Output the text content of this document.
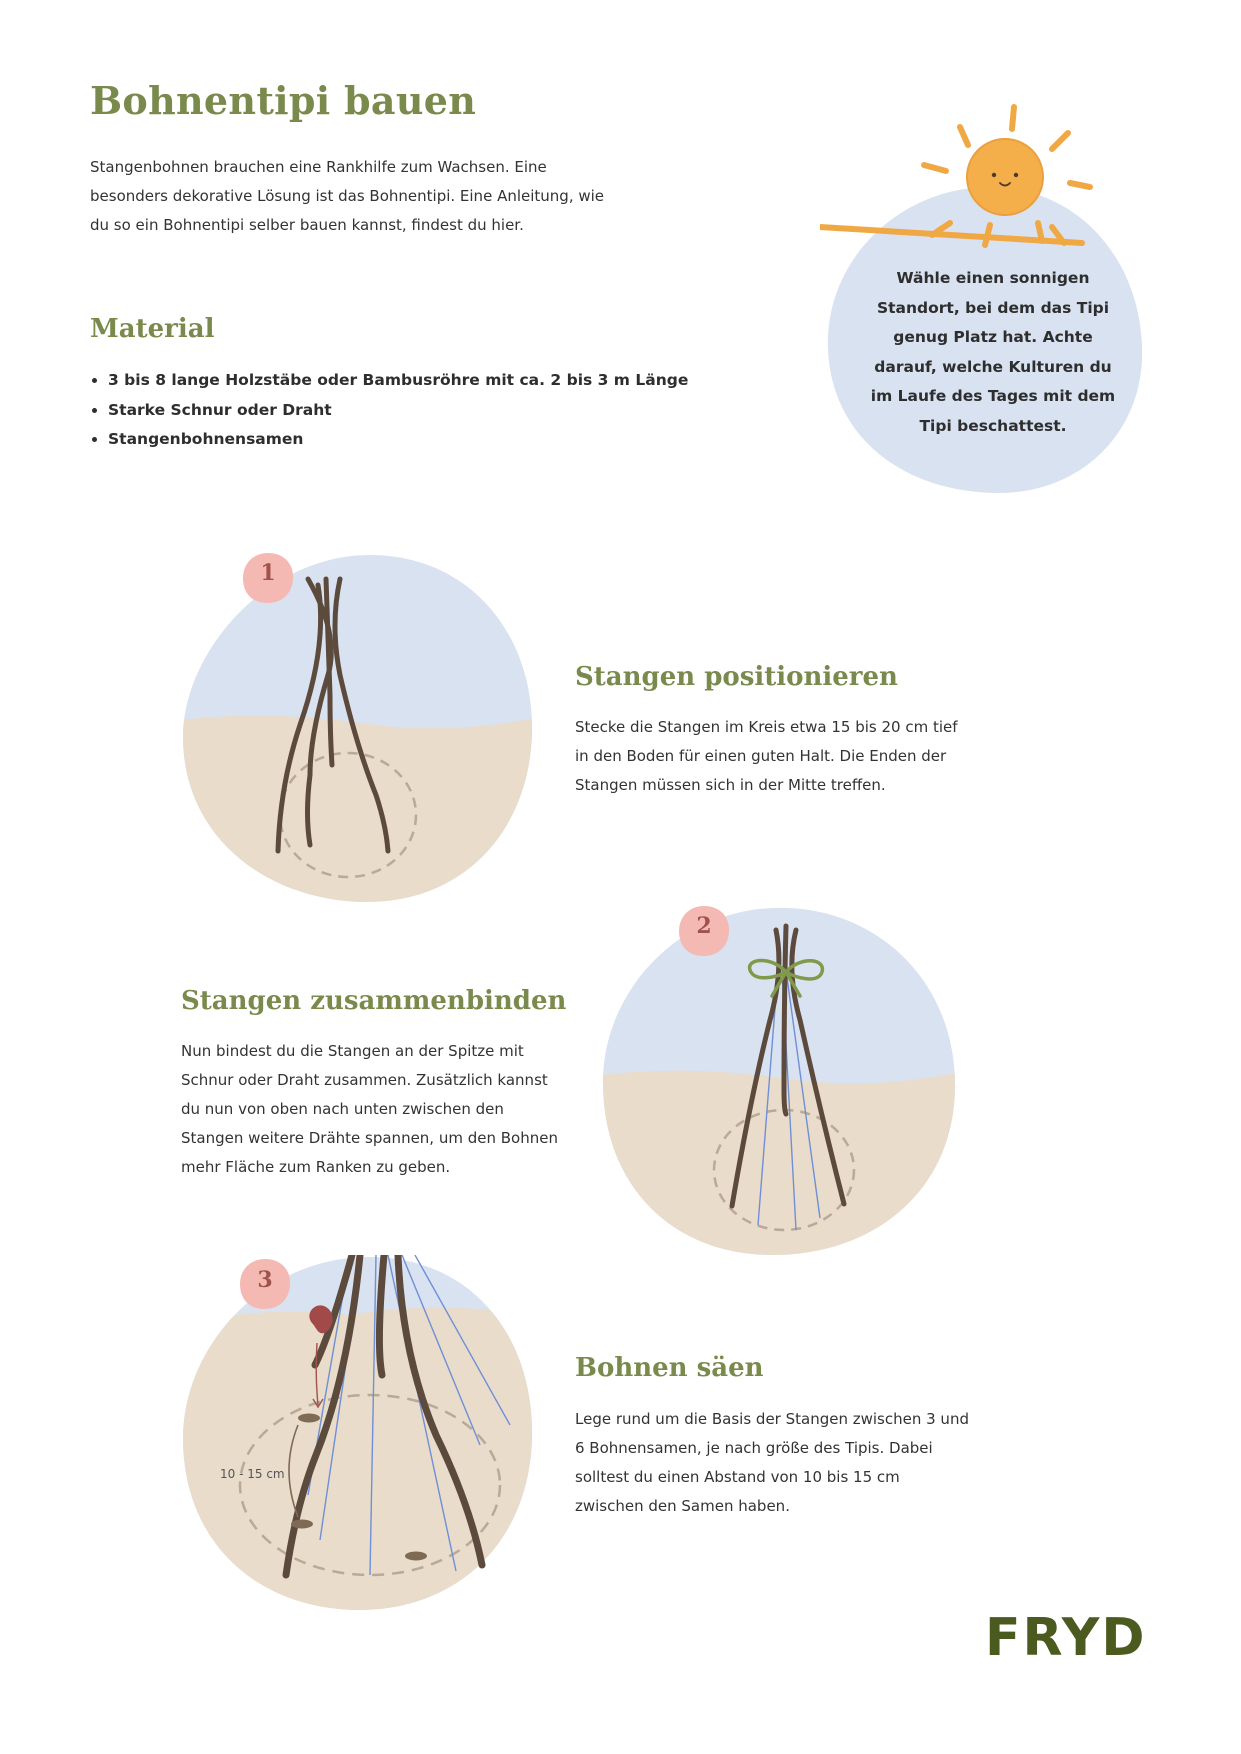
Bohnentipi bauen

Stangenbohnen brauchen eine Rankhilfe zum Wachsen. Eine besonders dekorative Lösung ist das Bohnentipi. Eine Anleitung, wie du so ein Bohnentipi selber bauen kannst, findest du hier.

Material
• 3 bis 8 lange Holzstäbe oder Bambusröhre mit ca. 2 bis 3 m Länge
• Starke Schnur oder Draht
• Stangenbohnensamen
Wähle einen sonnigen Standort, bei dem das Tipi genug Platz hat. Achte darauf, welche Kulturen du im Laufe des Tages mit dem Tipi beschattest.
1
Stangen positionieren

Stecke die Stangen im Kreis etwa 15 bis 20 cm tief in den Boden für einen guten Halt. Die Enden der Stangen müssen sich in der Mitte treffen.

2
Stangen zusammenbinden

Nun bindest du die Stangen an der Spitze mit Schnur oder Draht zusammen. Zusätzlich kannst du nun von oben nach unten zwischen den Stangen weitere Drähte spannen, um den Bohnen mehr Fläche zum Ranken zu geben.

3
10 - 15 cm
Bohnen säen

Lege rund um die Basis der Stangen zwischen 3 und 6 Bohnensamen, je nach größe des Tipis. Dabei solltest du einen Abstand von 10 bis 15 cm zwischen den Samen haben.

FRYD
